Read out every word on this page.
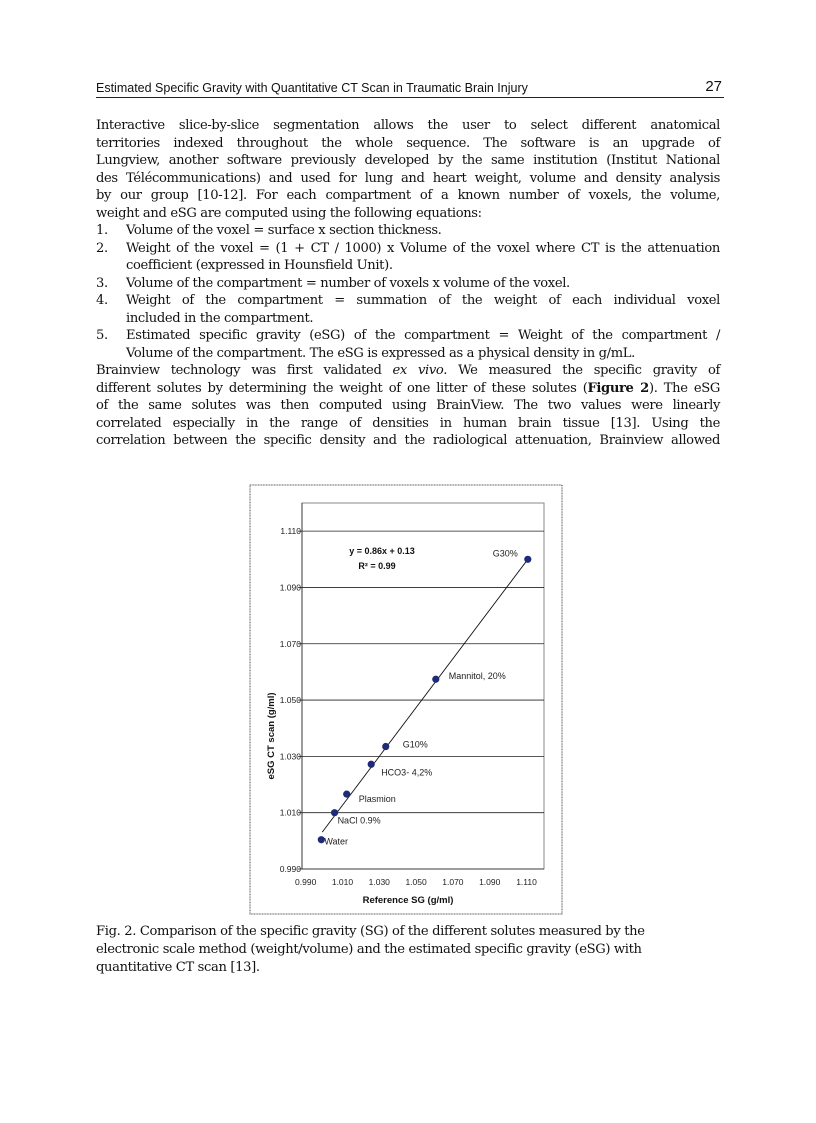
Estimated Specific Gravity with Quantitative CT Scan in Traumatic Brain Injury	27
Interactive slice-by-slice segmentation allows the user to select different anatomical
territories indexed throughout the whole sequence. The software is an upgrade of
Lungview, another software previously developed by the same institution (Institut National
des Télécommunications) and used for lung and heart weight, volume and density analysis
by our group [10-12]. For each compartment of a known number of voxels, the volume,
weight and eSG are computed using the following equations:
1. Volume of the voxel = surface x section thickness.
2. Weight of the voxel = (1 + CT / 1000) x Volume of the voxel where CT is the attenuation
coefficient (expressed in Hounsfield Unit).
3. Volume of the compartment = number of voxels x volume of the voxel.
4. Weight of the compartment = summation of the weight of each individual voxel
included in the compartment.
5. Estimated specific gravity (eSG) of the compartment = Weight of the compartment /
Volume of the compartment. The eSG is expressed as a physical density in g/mL.
Brainview technology was first validated ex vivo. We measured the specific gravity of
different solutes by determining the weight of one litter of these solutes (Figure 2). The eSG
of the same solutes was then computed using BrainView. The two values were linearly
correlated especially in the range of densities in human brain tissue [13]. Using the
correlation between the specific density and the radiological attenuation, Brainview allowed
0.990
1.010
1.030
1.050
1.070
1.090
1.110
0.990 1.010 1.030 1.050 1.070 1.090 1.110
Reference SG (g/ml)
eSG CT scan (g/ml)
Water
NaCl 0.9%
Plasmion
HCO3- 4,2%
G10%
Mannitol, 20%
G30%
y = 0.86x + 0.13
R² = 0.99
Fig. 2. Comparison of the specific gravity (SG) of the different solutes measured by the
electronic scale method (weight/volume) and the estimated specific gravity (eSG) with
quantitative CT scan [13].
